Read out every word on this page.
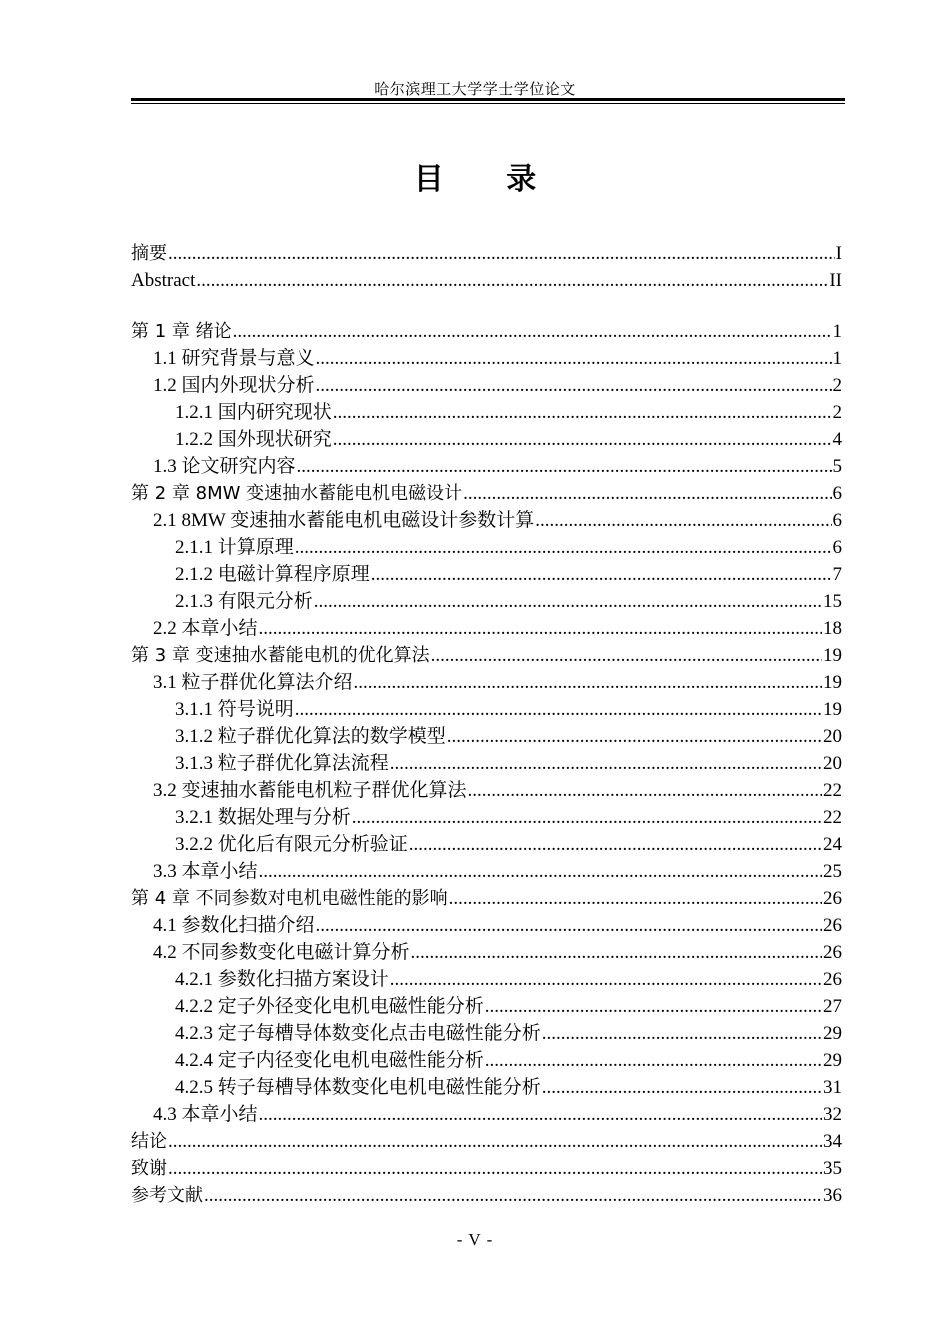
哈尔滨理工大学学士学位论文
目 录
摘要 .....	I
Abstract .....	II
第 1 章 绪论 .....	1
1.1 研究背景与意义 .....	1
1.2 国内外现状分析 .....	2
1.2.1 国内研究现状 .....	2
1.2.2 国外现状研究 .....	4
1.3 论文研究内容 .....	5
第 2 章 8MW 变速抽水蓄能电机电磁设计 .....	6
2.1 8MW 变速抽水蓄能电机电磁设计参数计算 .....	6
2.1.1 计算原理 .....	6
2.1.2 电磁计算程序原理 .....	7
2.1.3 有限元分析 .....	15
2.2 本章小结 .....	18
第 3 章 变速抽水蓄能电机的优化算法 .....	19
3.1 粒子群优化算法介绍 .....	19
3.1.1 符号说明 .....	19
3.1.2 粒子群优化算法的数学模型 .....	20
3.1.3 粒子群优化算法流程 .....	20
3.2 变速抽水蓄能电机粒子群优化算法 .....	22
3.2.1 数据处理与分析 .....	22
3.2.2 优化后有限元分析验证 .....	24
3.3 本章小结 .....	25
第 4 章 不同参数对电机电磁性能的影响 .....	26
4.1 参数化扫描介绍 .....	26
4.2 不同参数变化电磁计算分析 .....	26
4.2.1 参数化扫描方案设计 .....	26
4.2.2 定子外径变化电机电磁性能分析 .....	27
4.2.3 定子每槽导体数变化点击电磁性能分析 .....	29
4.2.4 定子内径变化电机电磁性能分析 .....	29
4.2.5 转子每槽导体数变化电机电磁性能分析 .....	31
4.3 本章小结 .....	32
结论 .....	34
致谢 .....	35
参考文献 .....	36
- V -
